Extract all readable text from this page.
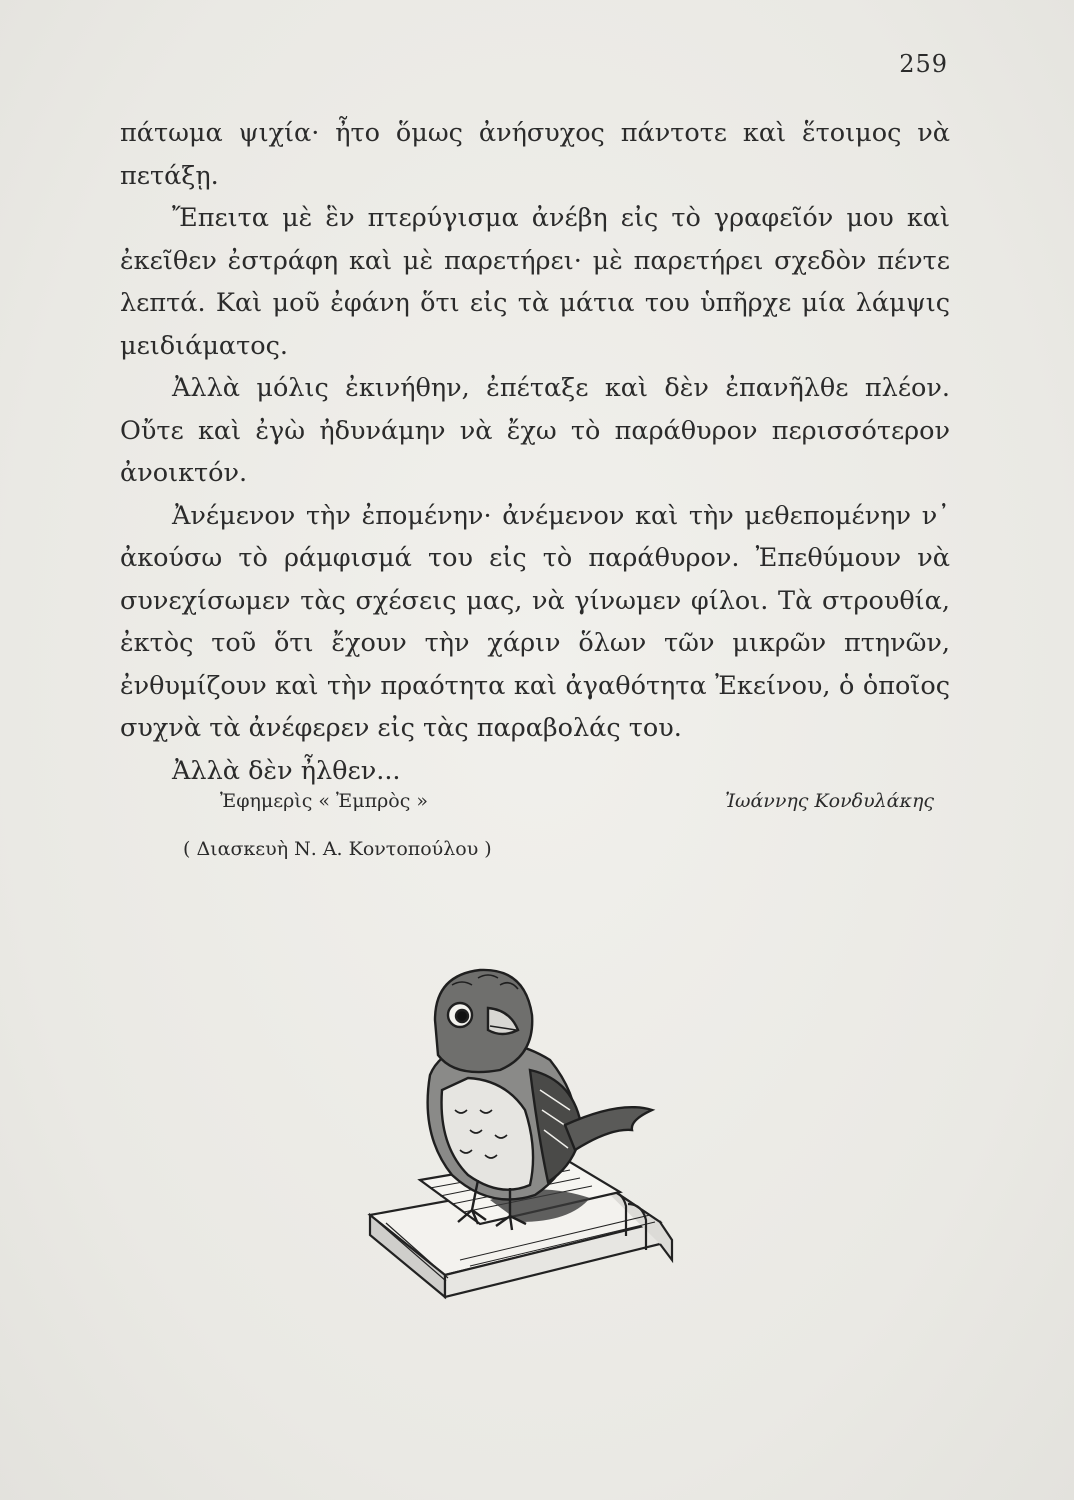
259

πάτωμα ψιχία· ἦτο ὅμως ἀνήσυχος πάντοτε καὶ ἕτοιμος νὰ πετάξῃ.

Ἔπειτα μὲ ἓν πτερύγισμα ἀνέβη εἰς τὸ γραφεῖόν μου καὶ ἐκεῖθεν ἐστράφη καὶ μὲ παρετήρει· μὲ παρετήρει σχεδὸν πέντε λεπτά. Καὶ μοῦ ἐφάνη ὅτι εἰς τὰ μάτια του ὑπῆρχε μία λάμψις μειδιάματος.

Ἀλλὰ μόλις ἐκινήθην, ἐπέταξε καὶ δὲν ἐπανῆλθε πλέον. Οὔτε καὶ ἐγὼ ἠδυνάμην νὰ ἔχω τὸ παράθυρον περισσότερον ἀνοικτόν.

Ἀνέμενον τὴν ἐπομένην· ἀνέμενον καὶ τὴν μεθεπομένην ν᾿ ἀκούσω τὸ ράμφισμά του εἰς τὸ παράθυρον. Ἐπεθύμουν νὰ συνεχίσωμεν τὰς σχέσεις μας, νὰ γίνωμεν φίλοι. Τὰ στρουθία, ἐκτὸς τοῦ ὅτι ἔχουν τὴν χάριν ὅλων τῶν μικρῶν πτηνῶν, ἐνθυμίζουν καὶ τὴν πραότητα καὶ ἀγαθότητα Ἐκείνου, ὁ ὁποῖος συχνὰ τὰ ἀνέφερεν εἰς τὰς παραβολάς του.

Ἀλλὰ δὲν ἦλθεν...

Ἐφημερὶς « Ἐμπρὸς »	Ἰωάννης Κονδυλάκης
( Διασκευὴ Ν. Α. Κοντοπούλου )
